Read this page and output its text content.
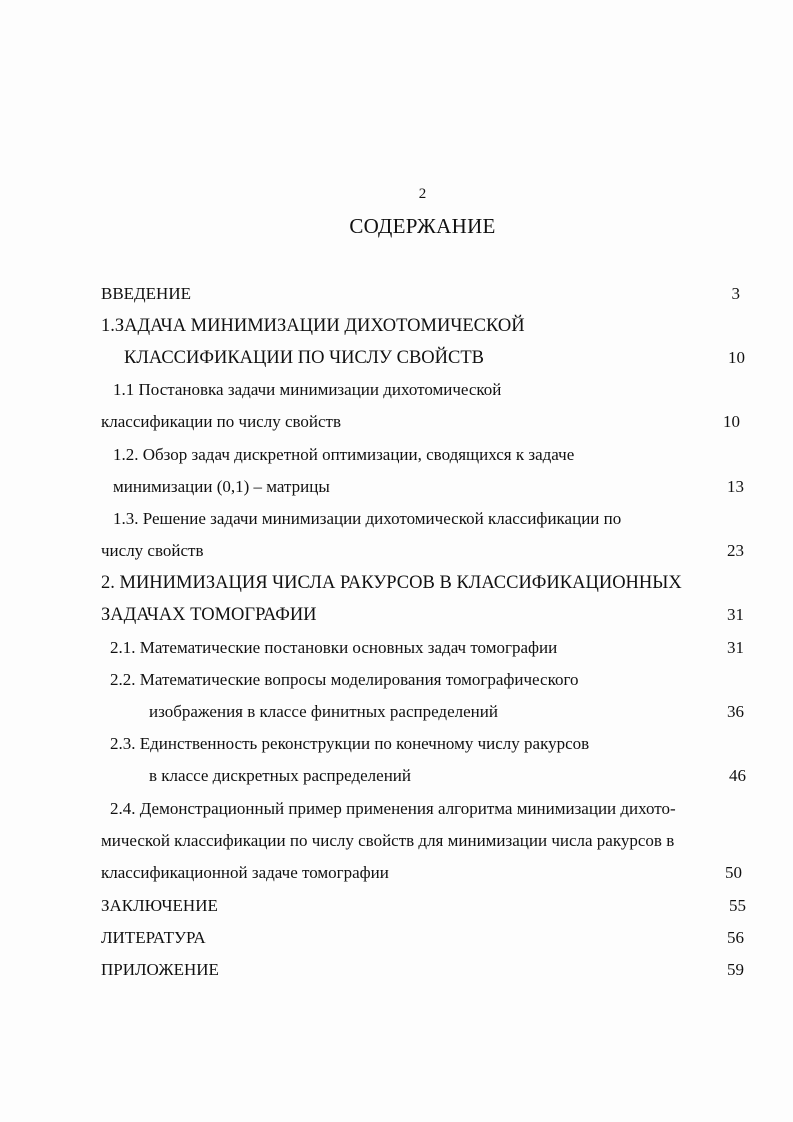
2
СОДЕРЖАНИЕ
ВВЕДЕНИЕ	3
1.ЗАДАЧА МИНИМИЗАЦИИ ДИХОТОМИЧЕСКОЙ
КЛАССИФИКАЦИИ ПО ЧИСЛУ СВОЙСТВ	10
1.1 Постановка задачи минимизации дихотомической
классификации по числу свойств	10
1.2. Обзор задач дискретной оптимизации, сводящихся к задаче
минимизации (0,1) – матрицы	13
1.3. Решение задачи минимизации дихотомической классификации по
числу свойств	23
2. МИНИМИЗАЦИЯ ЧИСЛА РАКУРСОВ В КЛАССИФИКАЦИОННЫХ
ЗАДАЧАХ ТОМОГРАФИИ	31
2.1. Математические постановки основных задач томографии	31
2.2. Математические вопросы моделирования томографического
изображения в классе финитных распределений	36
2.3. Единственность реконструкции по конечному числу ракурсов
в классе дискретных распределений	46
2.4. Демонстрационный пример применения алгоритма минимизации дихото-
мической классификации по числу свойств для минимизации числа ракурсов в
классификационной задаче томографии	50
ЗАКЛЮЧЕНИЕ	55
ЛИТЕРАТУРА	56
ПРИЛОЖЕНИЕ	59
